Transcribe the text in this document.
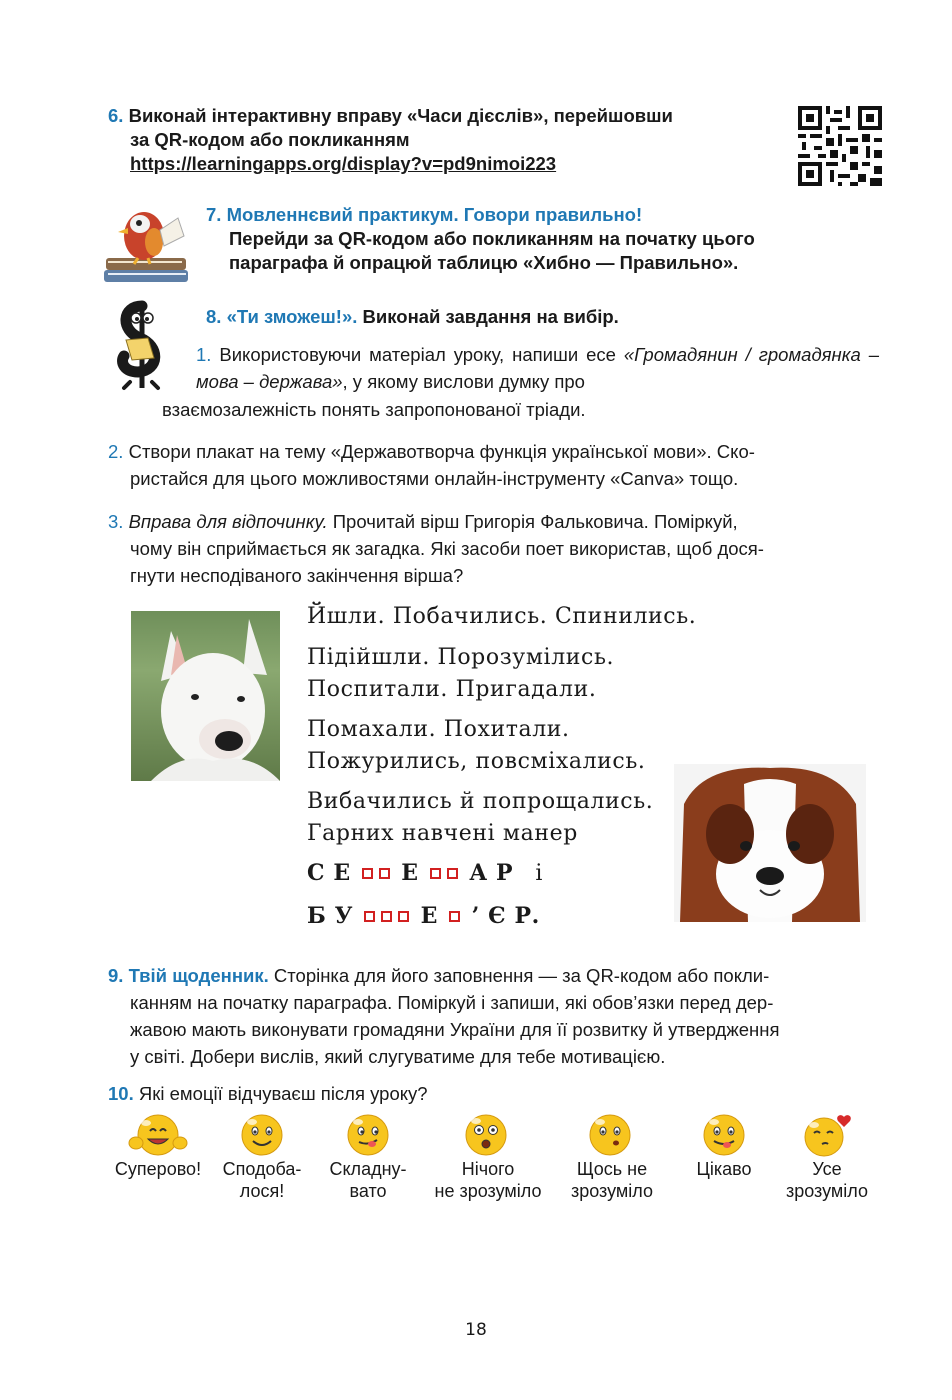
6. Виконай інтерактивну вправу «Часи дієслів», перейшовши
за QR-кодом або покликанням
https://learningapps.org/display?v=pd9nimoi223
7. Мовленнєвий практикум. Говори правильно!
Перейди за QR-кодом або покликанням на початку цього
параграфа й опрацюй таблицю «Хибно — Правильно».
8. «Ти зможеш!». Виконай завдання на вибір.
1. Використовуючи матеріал уроку, напиши есе «Громадянин / громадянка – мова – держава», у якому вислови думку про
взаємозалежність понять запропонованої тріади.
2. Створи плакат на тему «Державотворча функція української мови». Ско-
ристайся для цього можливостями онлайн-інструменту «Canva» тощо.
3. Вправа для відпочинку. Прочитай вірш Григорія Фальковича. Поміркуй,
чому він сприймається як загадка. Які засоби поет використав, щоб дося-
гнути несподіваного закінчення вірша?
Йшли. Побачились. Спинились.
Підійшли. Порозумілись.
Поспитали. Пригадали.
Помахали. Похитали.
Пожурились, повсміхались.
Вибачились й попрощались.
Гарних навчені манер
С Е Е А Р і
Б У	Е ’ Є Р.
9. Твій щоденник. Сторінка для його заповнення — за QR-кодом або покли-
канням на початку параграфа. Поміркуй і запиши, які обов’язки перед дер-
жавою мають виконувати громадяни України для її розвитку й утвердження
у світі. Добери вислів, який слугуватиме для тебе мотивацією.
10. Які емоції відчуваєш після уроку?
Суперово!	Сподоба-
лося!
Складну-
вато
Нічого
не зрозуміло
Щось не
зрозуміло
Цікаво	Усе
зрозуміло
18
